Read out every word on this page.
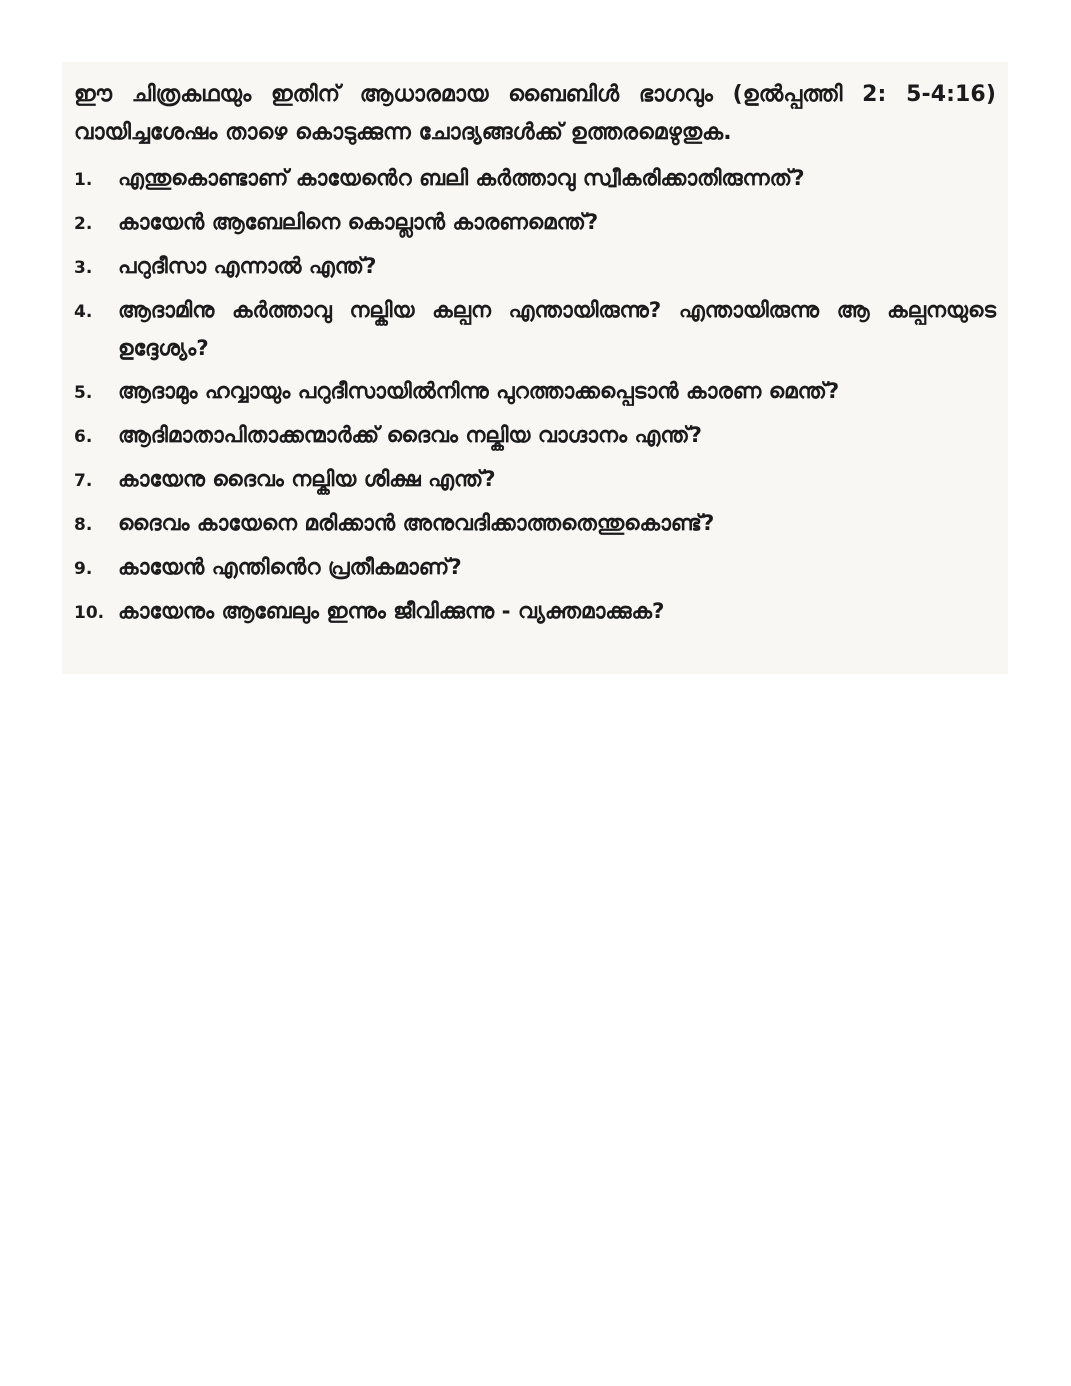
ഈ ചിത്രകഥയും ഇതിന് ആധാരമായ ബൈബിൾ ഭാഗവും (ഉൽപ്പത്തി 2: 5-4:16) വായിച്ചശേഷം താഴെ കൊടുക്കുന്ന ചോദ്യങ്ങൾക്ക് ഉത്തരമെഴുതുക.

1.	എന്തുകൊണ്ടാണ് കായേൻെറ ബലി കർത്താവു സ്വീകരിക്കാതിരുന്നത്?
2.	കായേൻ ആബേലിനെ കൊല്ലാൻ കാരണമെന്ത്?
3.	പറുദീസാ എന്നാൽ എന്ത്?
4.	ആദാമിനു കർത്താവു നല്കിയ കല്പന എന്തായിരുന്നു? എന്തായിരുന്നു ആ കല്പനയുടെ ഉദ്ദേശ്യം?
5.	ആദാമും ഹവ്വായും പറുദീസായിൽനിന്നു പുറത്താക്കപ്പെടാൻ കാരണ മെന്ത്?
6.	ആദിമാതാപിതാക്കന്മാർക്ക് ദൈവം നല്കിയ വാഗ്ദാനം എന്ത്?
7.	കായേനു ദൈവം നല്കിയ ശിക്ഷ എന്ത്?
8.	ദൈവം കായേനെ മരിക്കാൻ അനുവദിക്കാത്തതെന്തുകൊണ്ട്?
9.	കായേൻ എന്തിൻെറ പ്രതീകമാണ്?
10. കായേനും ആബേലും ഇന്നും ജീവിക്കുന്നു - വ്യക്തമാക്കുക?
